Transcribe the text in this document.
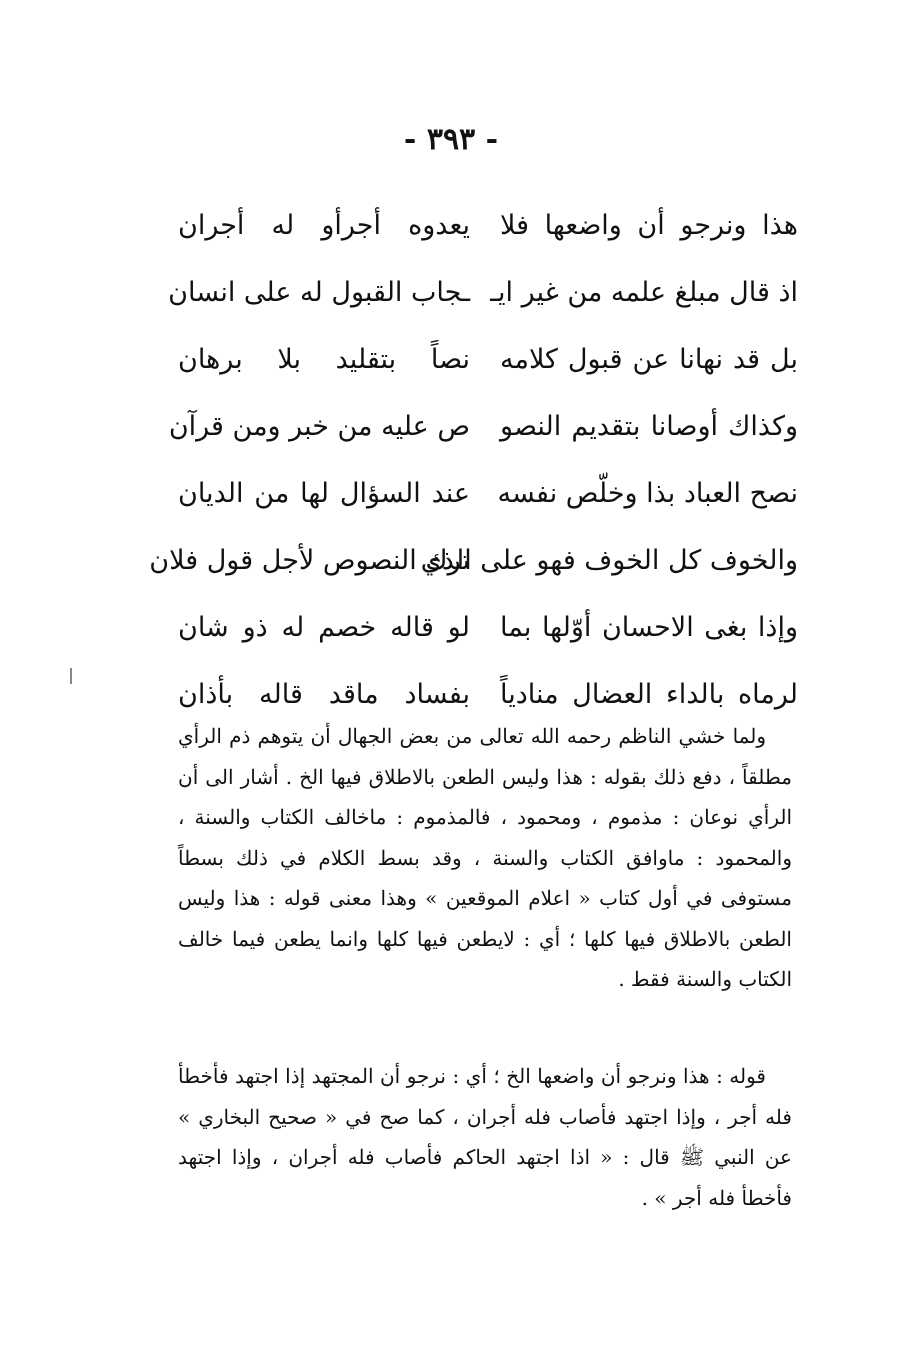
- ٣٩٣ -
هذا ونرجو أن واضعها فلا
يعدوه أجرأو له أجران
اذ قال مبلغ علمه من غير ايـ
ـجاب القبول له على انسان
بل قد نهانا عن قبول كلامه
نصاً بتقليد بلا برهان
وكذاك أوصانا بتقديم النصو
ص عليه من خبر ومن قرآن
نصح العباد بذا وخلّص نفسه
عند السؤال لها من الديان
والخوف كل الخوف فهو على الذي
ترك النصوص لأجل قول فلان
وإذا بغى الاحسان أوّلها بما
لو قاله خصم له ذو شان
لرماه بالداء العضال منادياً
بفساد ماقد قاله بأذان

ولما خشي الناظم رحمه الله تعالى من بعض الجهال أن يتوهم ذم الرأي مطلقاً ، دفع ذلك بقوله : هذا وليس الطعن بالاطلاق فيها الخ . أشار الى أن الرأي نوعان : مذموم ، ومحمود ، فالمذموم : ماخالف الكتاب والسنة ، والمحمود : ماوافق الكتاب والسنة ، وقد بسط الكلام في ذلك بسطاً مستوفى في أول كتاب « اعلام الموقعين » وهذا معنى قوله : هذا وليس الطعن بالاطلاق فيها كلها ؛ أي : لايطعن فيها كلها وانما يطعن فيما خالف الكتاب والسنة فقط .

قوله : هذا ونرجو أن واضعها الخ ؛ أي : نرجو أن المجتهد إذا اجتهد فأخطأ فله أجر ، وإذا اجتهد فأصاب فله أجران ، كما صح في « صحيح البخاري » عن النبي ﷺ قال : « اذا اجتهد الحاكم فأصاب فله أجران ، وإذا اجتهد فأخطأ فله أجر » .
